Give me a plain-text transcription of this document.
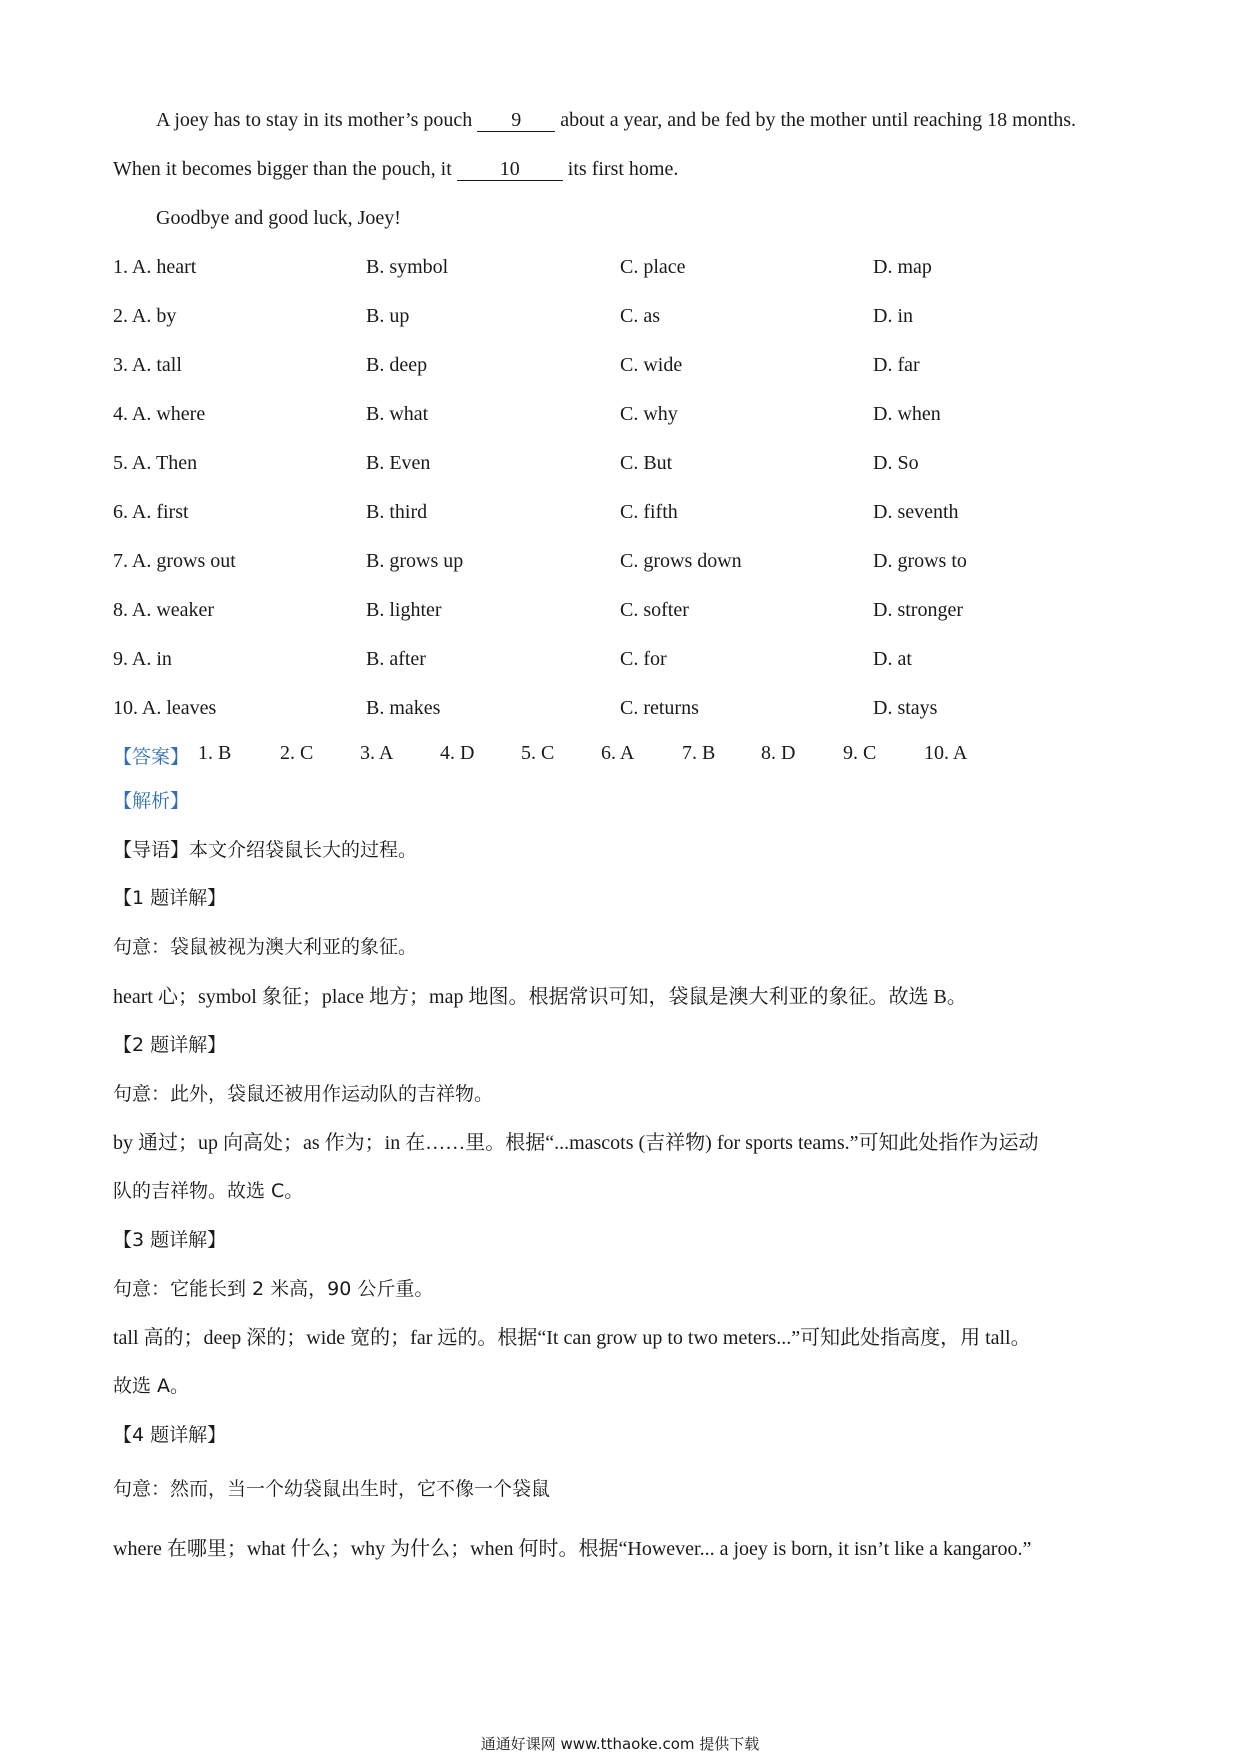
A joey has to stay in its mother’s pouch 9 about a year, and be fed by the mother until reaching 18 months.
When it becomes bigger than the pouch, it 10 its first home.
Goodbye and good luck, Joey!
1. A. heart	B. symbol	C. place	D. map
2. A. by	B. up	C. as	D. in
3. A. tall	B. deep	C. wide	D. far
4. A. where	B. what	C. why	D. when
5. A. Then	B. Even	C. But	D. So
6. A. first	B. third	C. fifth	D. seventh
7. A. grows out	B. grows up	C. grows down	D. grows to
8. A. weaker	B. lighter	C. softer	D. stronger
9. A. in	B. after	C. for	D. at
10. A. leaves	B. makes	C. returns	D. stays
【答案】 1. B 2. C 3. A 4. D 5. C 6. A 7. B 8. D 9. C 10. A
【解析】
【导语】本文介绍袋鼠长大的过程。
【1 题详解】
句意：袋鼠被视为澳大利亚的象征。
heart 心；symbol 象征；place 地方；map 地图。根据常识可知，袋鼠是澳大利亚的象征。故选 B。
【2 题详解】
句意：此外，袋鼠还被用作运动队的吉祥物。
by 通过；up 向高处；as 作为；in 在……里。根据“...mascots (吉祥物) for sports teams.”可知此处指作为运动
队的吉祥物。故选 C。
【3 题详解】
句意：它能长到 2 米高，90 公斤重。
tall 高的；deep 深的；wide 宽的；far 远的。根据“It can grow up to two meters...”可知此处指高度，用 tall。
故选 A。
【4 题详解】
句意：然而，当一个幼袋鼠出生时，它不像一个袋鼠
where 在哪里；what 什么；why 为什么；when 何时。根据“However... a joey is born, it isn’t like a kangaroo.”
通通好课网 www.tthaoke.com 提供下载
